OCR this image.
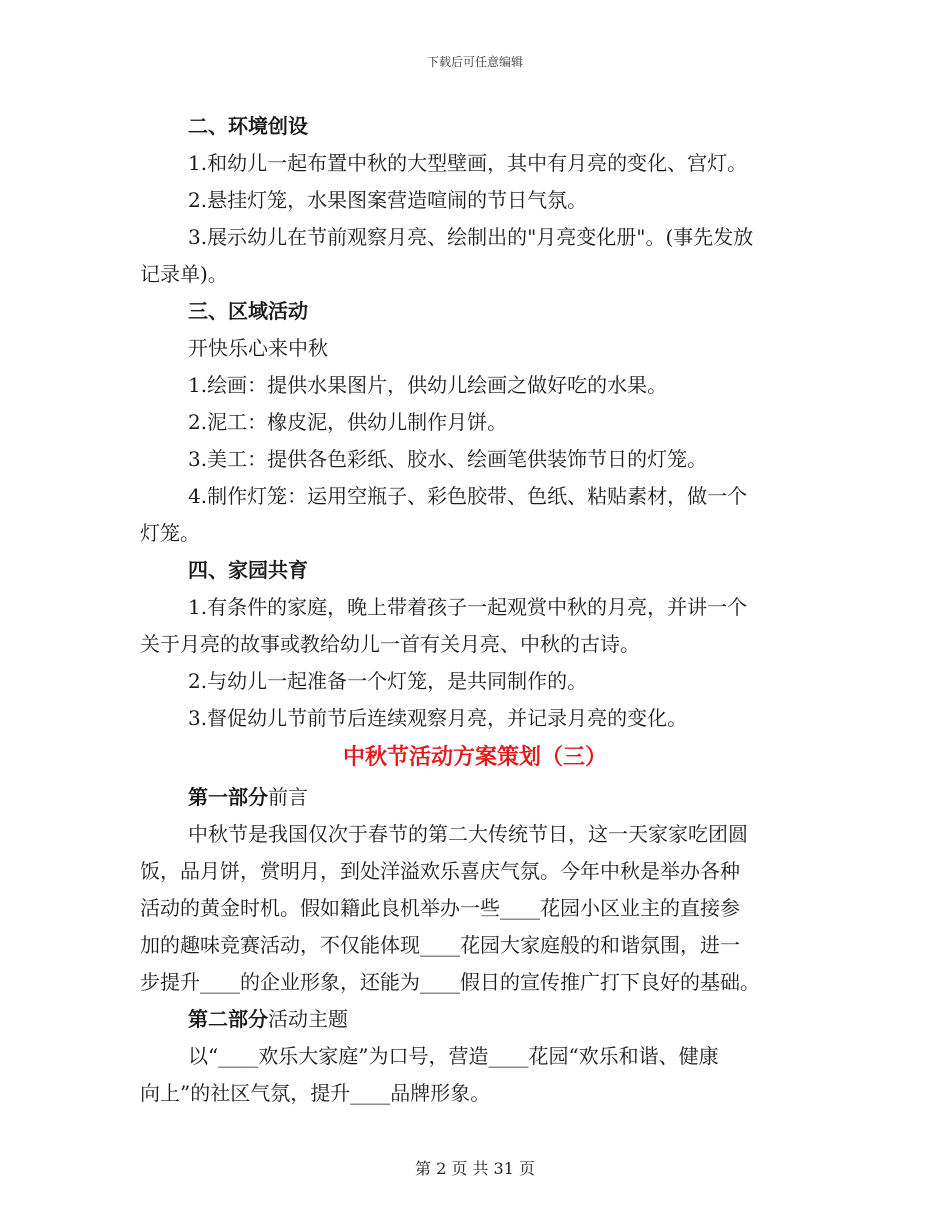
下载后可任意编辑
二、环境创设
1.和幼儿一起布置中秋的大型壁画，其中有月亮的变化、宫灯。
2.悬挂灯笼，水果图案营造喧闹的节日气氛。
3.展示幼儿在节前观察月亮、绘制出的"月亮变化册"。(事先发放
记录单)。
三、区域活动
开快乐心来中秋
1.绘画：提供水果图片，供幼儿绘画之做好吃的水果。
2.泥工：橡皮泥，供幼儿制作月饼。
3.美工：提供各色彩纸、胶水、绘画笔供装饰节日的灯笼。
4.制作灯笼：运用空瓶子、彩色胶带、色纸、粘贴素材，做一个
灯笼。
四、家园共育
1.有条件的家庭，晚上带着孩子一起观赏中秋的月亮，并讲一个
关于月亮的故事或教给幼儿一首有关月亮、中秋的古诗。
2.与幼儿一起准备一个灯笼，是共同制作的。
3.督促幼儿节前节后连续观察月亮，并记录月亮的变化。
中秋节活动方案策划（三）
第一部分前言
中秋节是我国仅次于春节的第二大传统节日，这一天家家吃团圆
饭，品月饼，赏明月，到处洋溢欢乐喜庆气氛。今年中秋是举办各种
活动的黄金时机。假如籍此良机举办一些____花园小区业主的直接参
加的趣味竞赛活动，不仅能体现____花园大家庭般的和谐氛围，进一
步提升____的企业形象，还能为____假日的宣传推广打下良好的基础。
第二部分活动主题
以“____欢乐大家庭”为口号，营造____花园“欢乐和谐、健康
向上”的社区气氛，提升____品牌形象。
第 2 页 共 31 页
